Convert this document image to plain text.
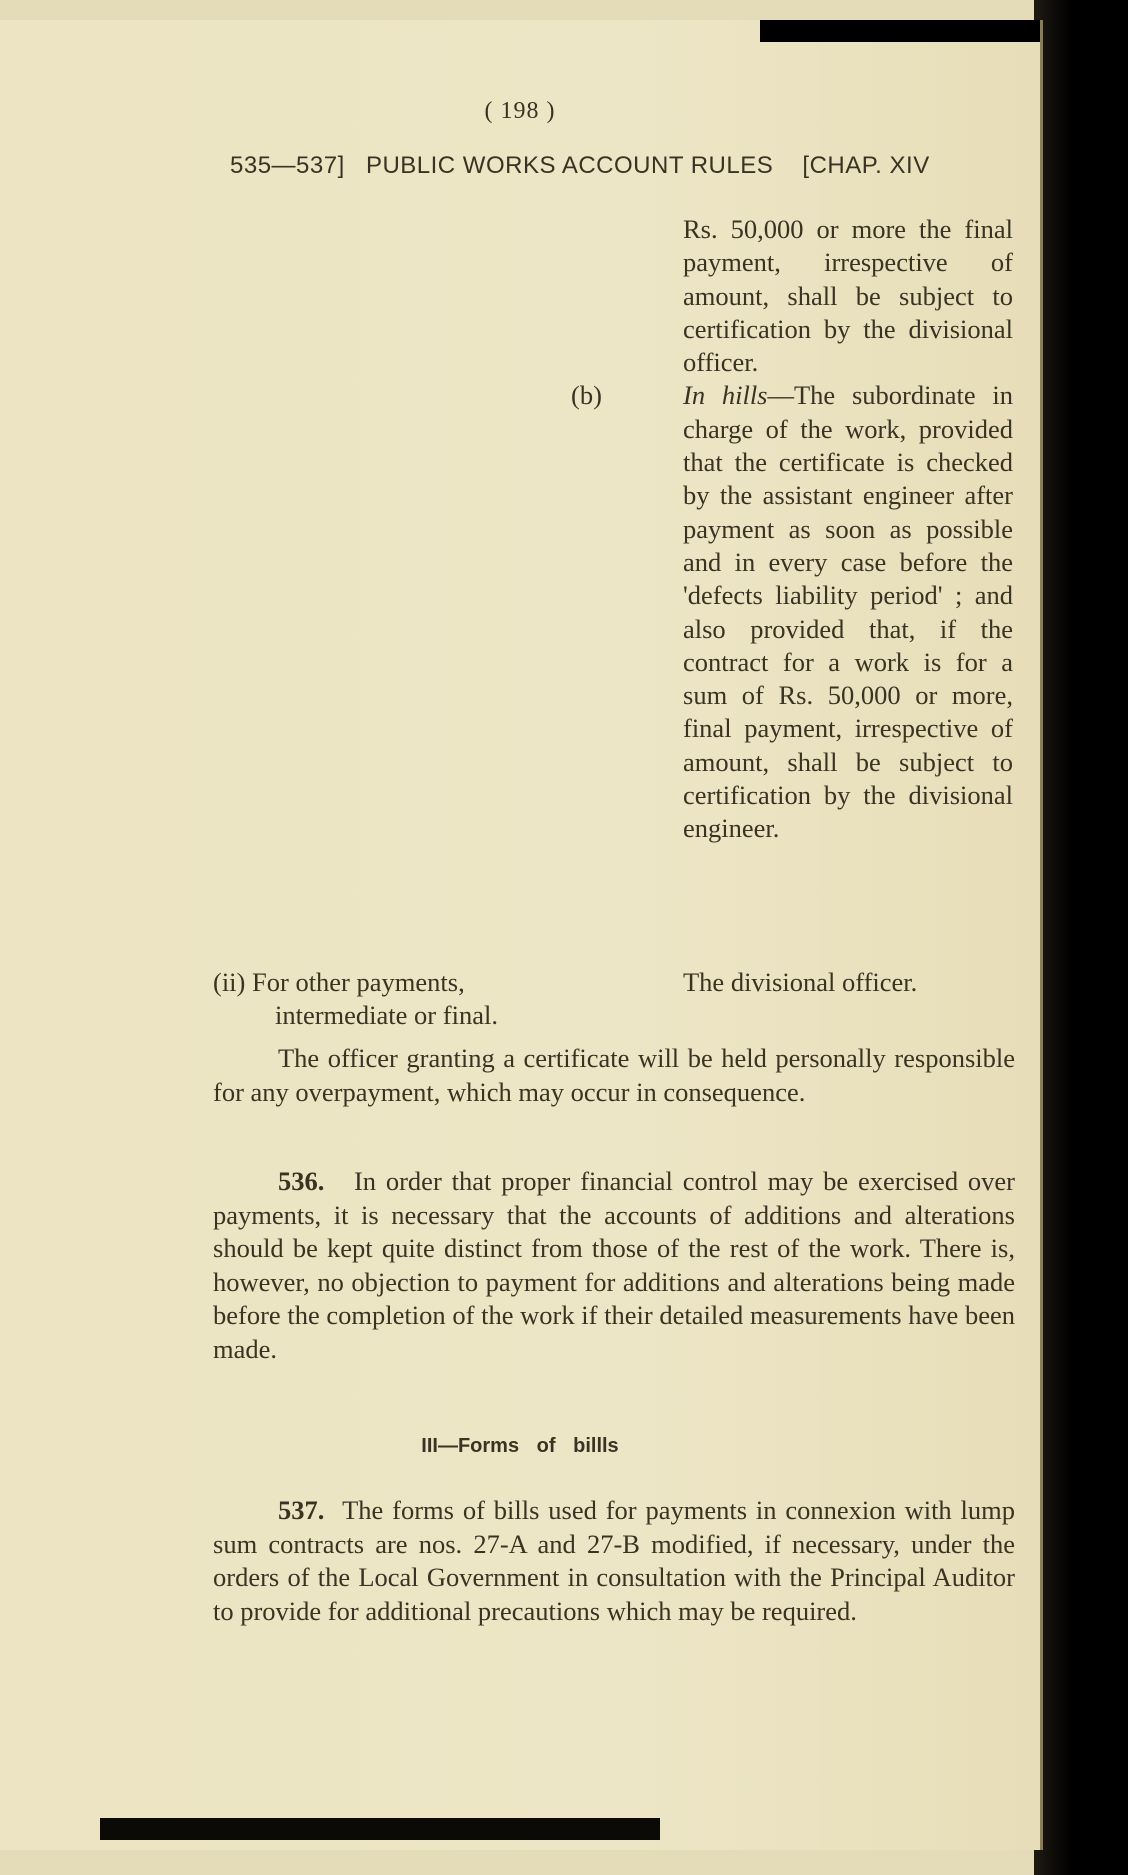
( 198 )
535—537] PUBLIC WORKS ACCOUNT RULES [CHAP. XIV

Rs. 50,000 or more the final payment, irrespective of amount, shall be subject to certification by the divisional officer.

(b)	In hills—The subordinate in charge of the work, provided that the certificate is checked by the assistant engineer after payment as soon as possible and in every case before the 'defects liability period' ; and also provided that, if the contract for a work is for a sum of Rs. 50,000 or more, final payment, irrespective of amount, shall be subject to certification by the divisional engineer.

(ii) For other payments,
intermediate or final.
The divisional officer.

The officer granting a certificate will be held personally responsible for any overpayment, which may occur in consequence.

536. In order that proper financial control may be exercised over payments, it is necessary that the accounts of additions and alterations should be kept quite distinct from those of the rest of the work. There is, however, no objection to payment for additions and alterations being made before the completion of the work if their detailed measurements have been made.

III—Forms of billls

537. The forms of bills used for payments in connexion with lump sum contracts are nos. 27-A and 27-B modified, if necessary, under the orders of the Local Government in consultation with the Principal Auditor to provide for additional precautions which may be required.
